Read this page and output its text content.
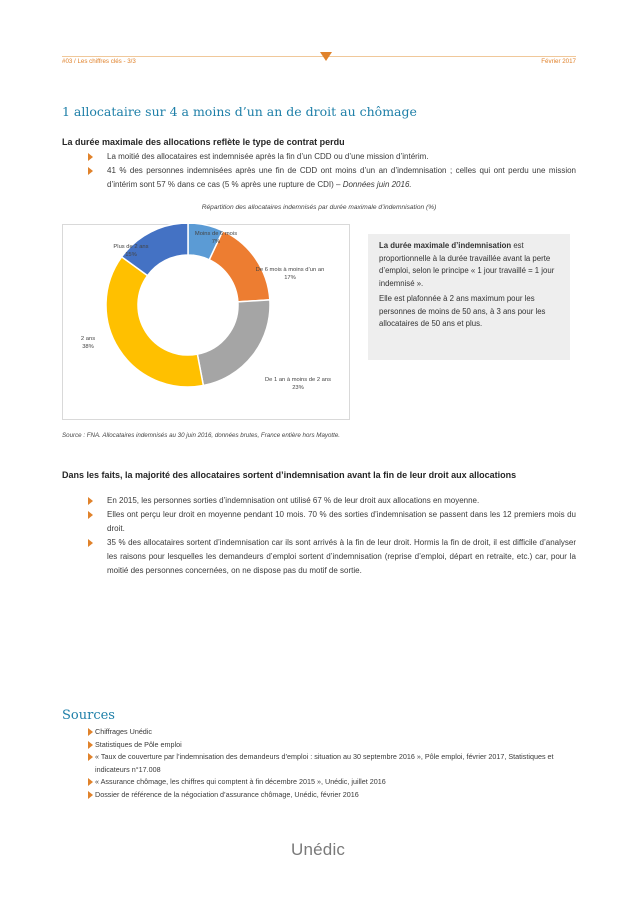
#03 / Les chiffres clés - 3/3	Février 2017
1 allocataire sur 4 a moins d’un an de droit au chômage
La durée maximale des allocations reflète le type de contrat perdu
La moitié des allocataires est indemnisée après la fin d’un CDD ou d’une mission d’intérim.
41 % des personnes indemnisées après une fin de CDD ont moins d’un an d’indemnisation ; celles qui ont perdu une mission d’intérim sont 57 % dans ce cas (5 % après une rupture de CDI) – Données juin 2016.
Répartition des allocataires indemnisés par durée maximale d’indemnisation (%)
Moins de 6 mois
7%
De 6 mois à moins d’un an
17%
De 1 an à moins de 2 ans
23%
2 ans
38%
Plus de 2 ans
15%

La durée maximale d’indemnisation est proportionnelle à la durée travaillée avant la perte d’emploi, selon le principe « 1 jour travaillé = 1 jour indemnisé ».

Elle est plafonnée à 2 ans maximum pour les personnes de moins de 50 ans, à 3 ans pour les allocataires de 50 ans et plus.

Source : FNA. Allocataires indemnisés au 30 juin 2016, données brutes, France entière hors Mayotte.
Dans les faits, la majorité des allocataires sortent d’indemnisation avant la fin de leur droit aux allocations
En 2015, les personnes sorties d’indemnisation ont utilisé 67 % de leur droit aux allocations en moyenne.
Elles ont perçu leur droit en moyenne pendant 10 mois. 70 % des sorties d’indemnisation se passent dans les 12 premiers mois du droit.
35 % des allocataires sortent d’indemnisation car ils sont arrivés à la fin de leur droit. Hormis la fin de droit, il est difficile d’analyser les raisons pour lesquelles les demandeurs d’emploi sortent d’indemnisation (reprise d’emploi, départ en retraite, etc.) car, pour la moitié des personnes concernées, on ne dispose pas du motif de sortie.
Sources
Chiffrages Unédic
Statistiques de Pôle emploi
« Taux de couverture par l’indemnisation des demandeurs d’emploi : situation au 30 septembre 2016 », Pôle emploi, février 2017, Statistiques et indicateurs n°17.008
« Assurance chômage, les chiffres qui comptent à fin décembre 2015 », Unédic, juillet 2016
Dossier de référence de la négociation d’assurance chômage, Unédic, février 2016
Unédic
